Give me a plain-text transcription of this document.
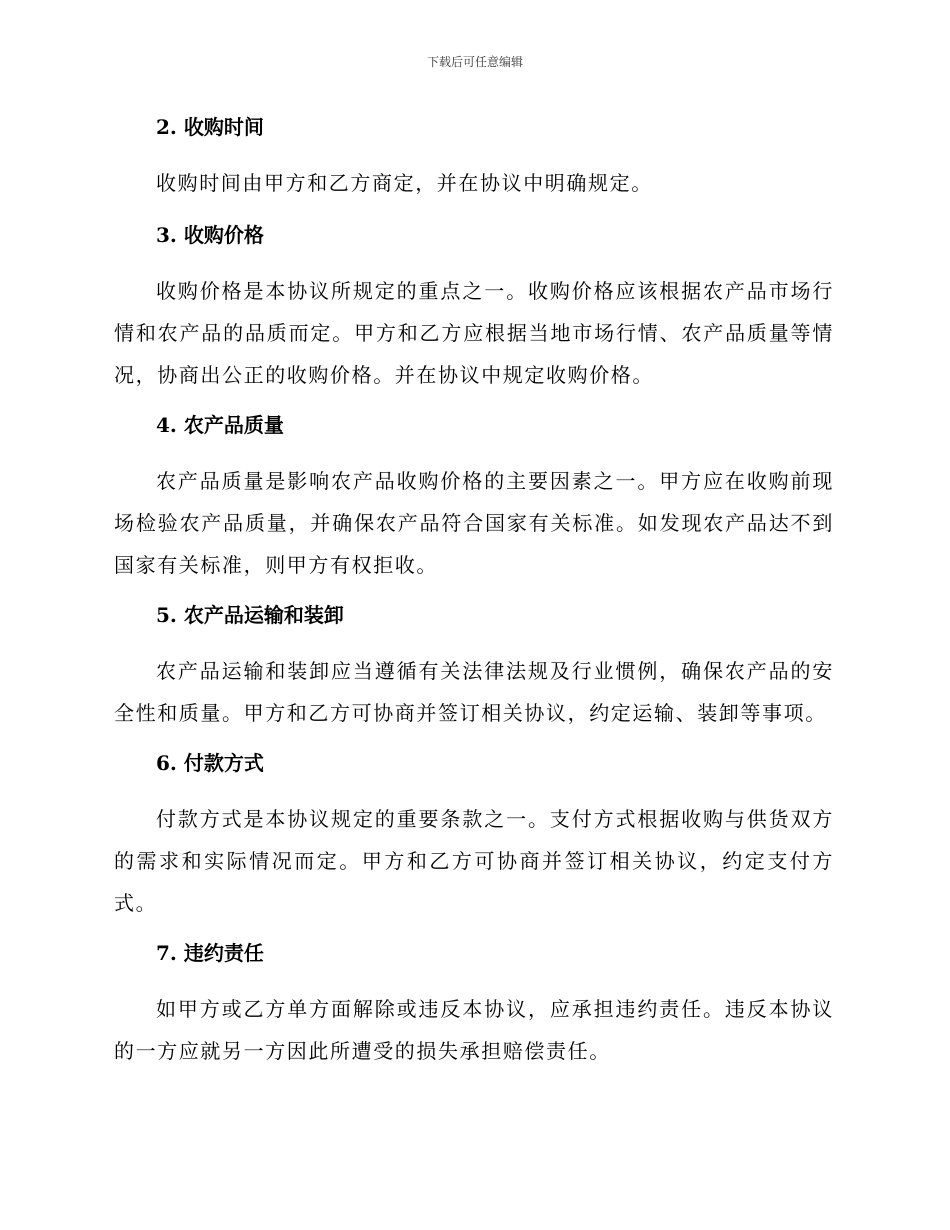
下载后可任意编辑
2. 收购时间

收购时间由甲方和乙方商定，并在协议中明确规定。

3. 收购价格

收购价格是本协议所规定的重点之一。收购价格应该根据农产品市场行情和农产品的品质而定。甲方和乙方应根据当地市场行情、农产品质量等情况，协商出公正的收购价格。并在协议中规定收购价格。

4. 农产品质量

农产品质量是影响农产品收购价格的主要因素之一。甲方应在收购前现场检验农产品质量，并确保农产品符合国家有关标准。如发现农产品达不到国家有关标准，则甲方有权拒收。

5. 农产品运输和装卸

农产品运输和装卸应当遵循有关法律法规及行业惯例，确保农产品的安全性和质量。甲方和乙方可协商并签订相关协议，约定运输、装卸等事项。

6. 付款方式

付款方式是本协议规定的重要条款之一。支付方式根据收购与供货双方的需求和实际情况而定。甲方和乙方可协商并签订相关协议，约定支付方式。

7. 违约责任

如甲方或乙方单方面解除或违反本协议，应承担违约责任。违反本协议的一方应就另一方因此所遭受的损失承担赔偿责任。
